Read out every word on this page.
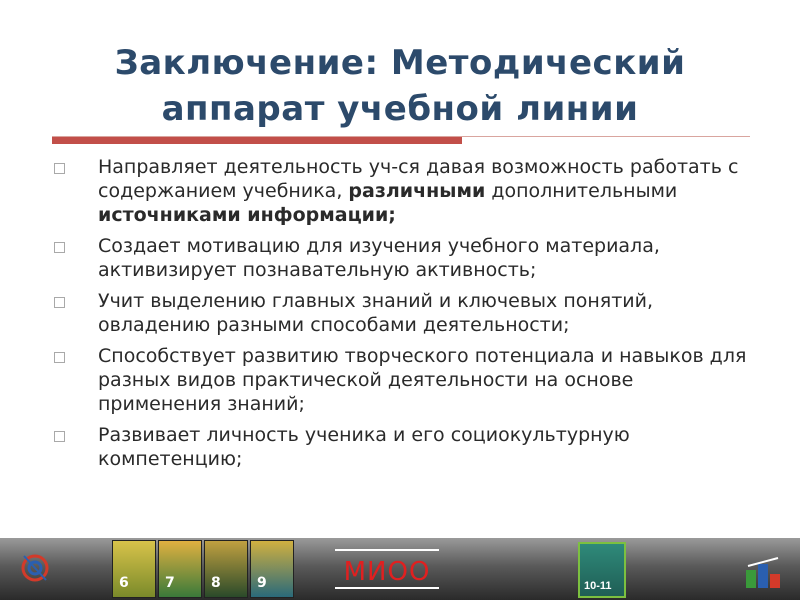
Заключение: Методический
аппарат учебной линии
Направляет деятельность уч-ся давая возможность работать с содержанием учебника, различными дополнительными источниками информации;
Создает мотивацию для изучения учебного материала, активизирует познавательную активность;
Учит выделению главных знаний и ключевых понятий, овладению разными способами деятельности;
Способствует развитию творческого потенциала и навыков для разных видов практической деятельности на основе применения знаний;
Развивает личность ученика и его социокультурную компетенцию;
6	7	8	9	МИОО	10-11
